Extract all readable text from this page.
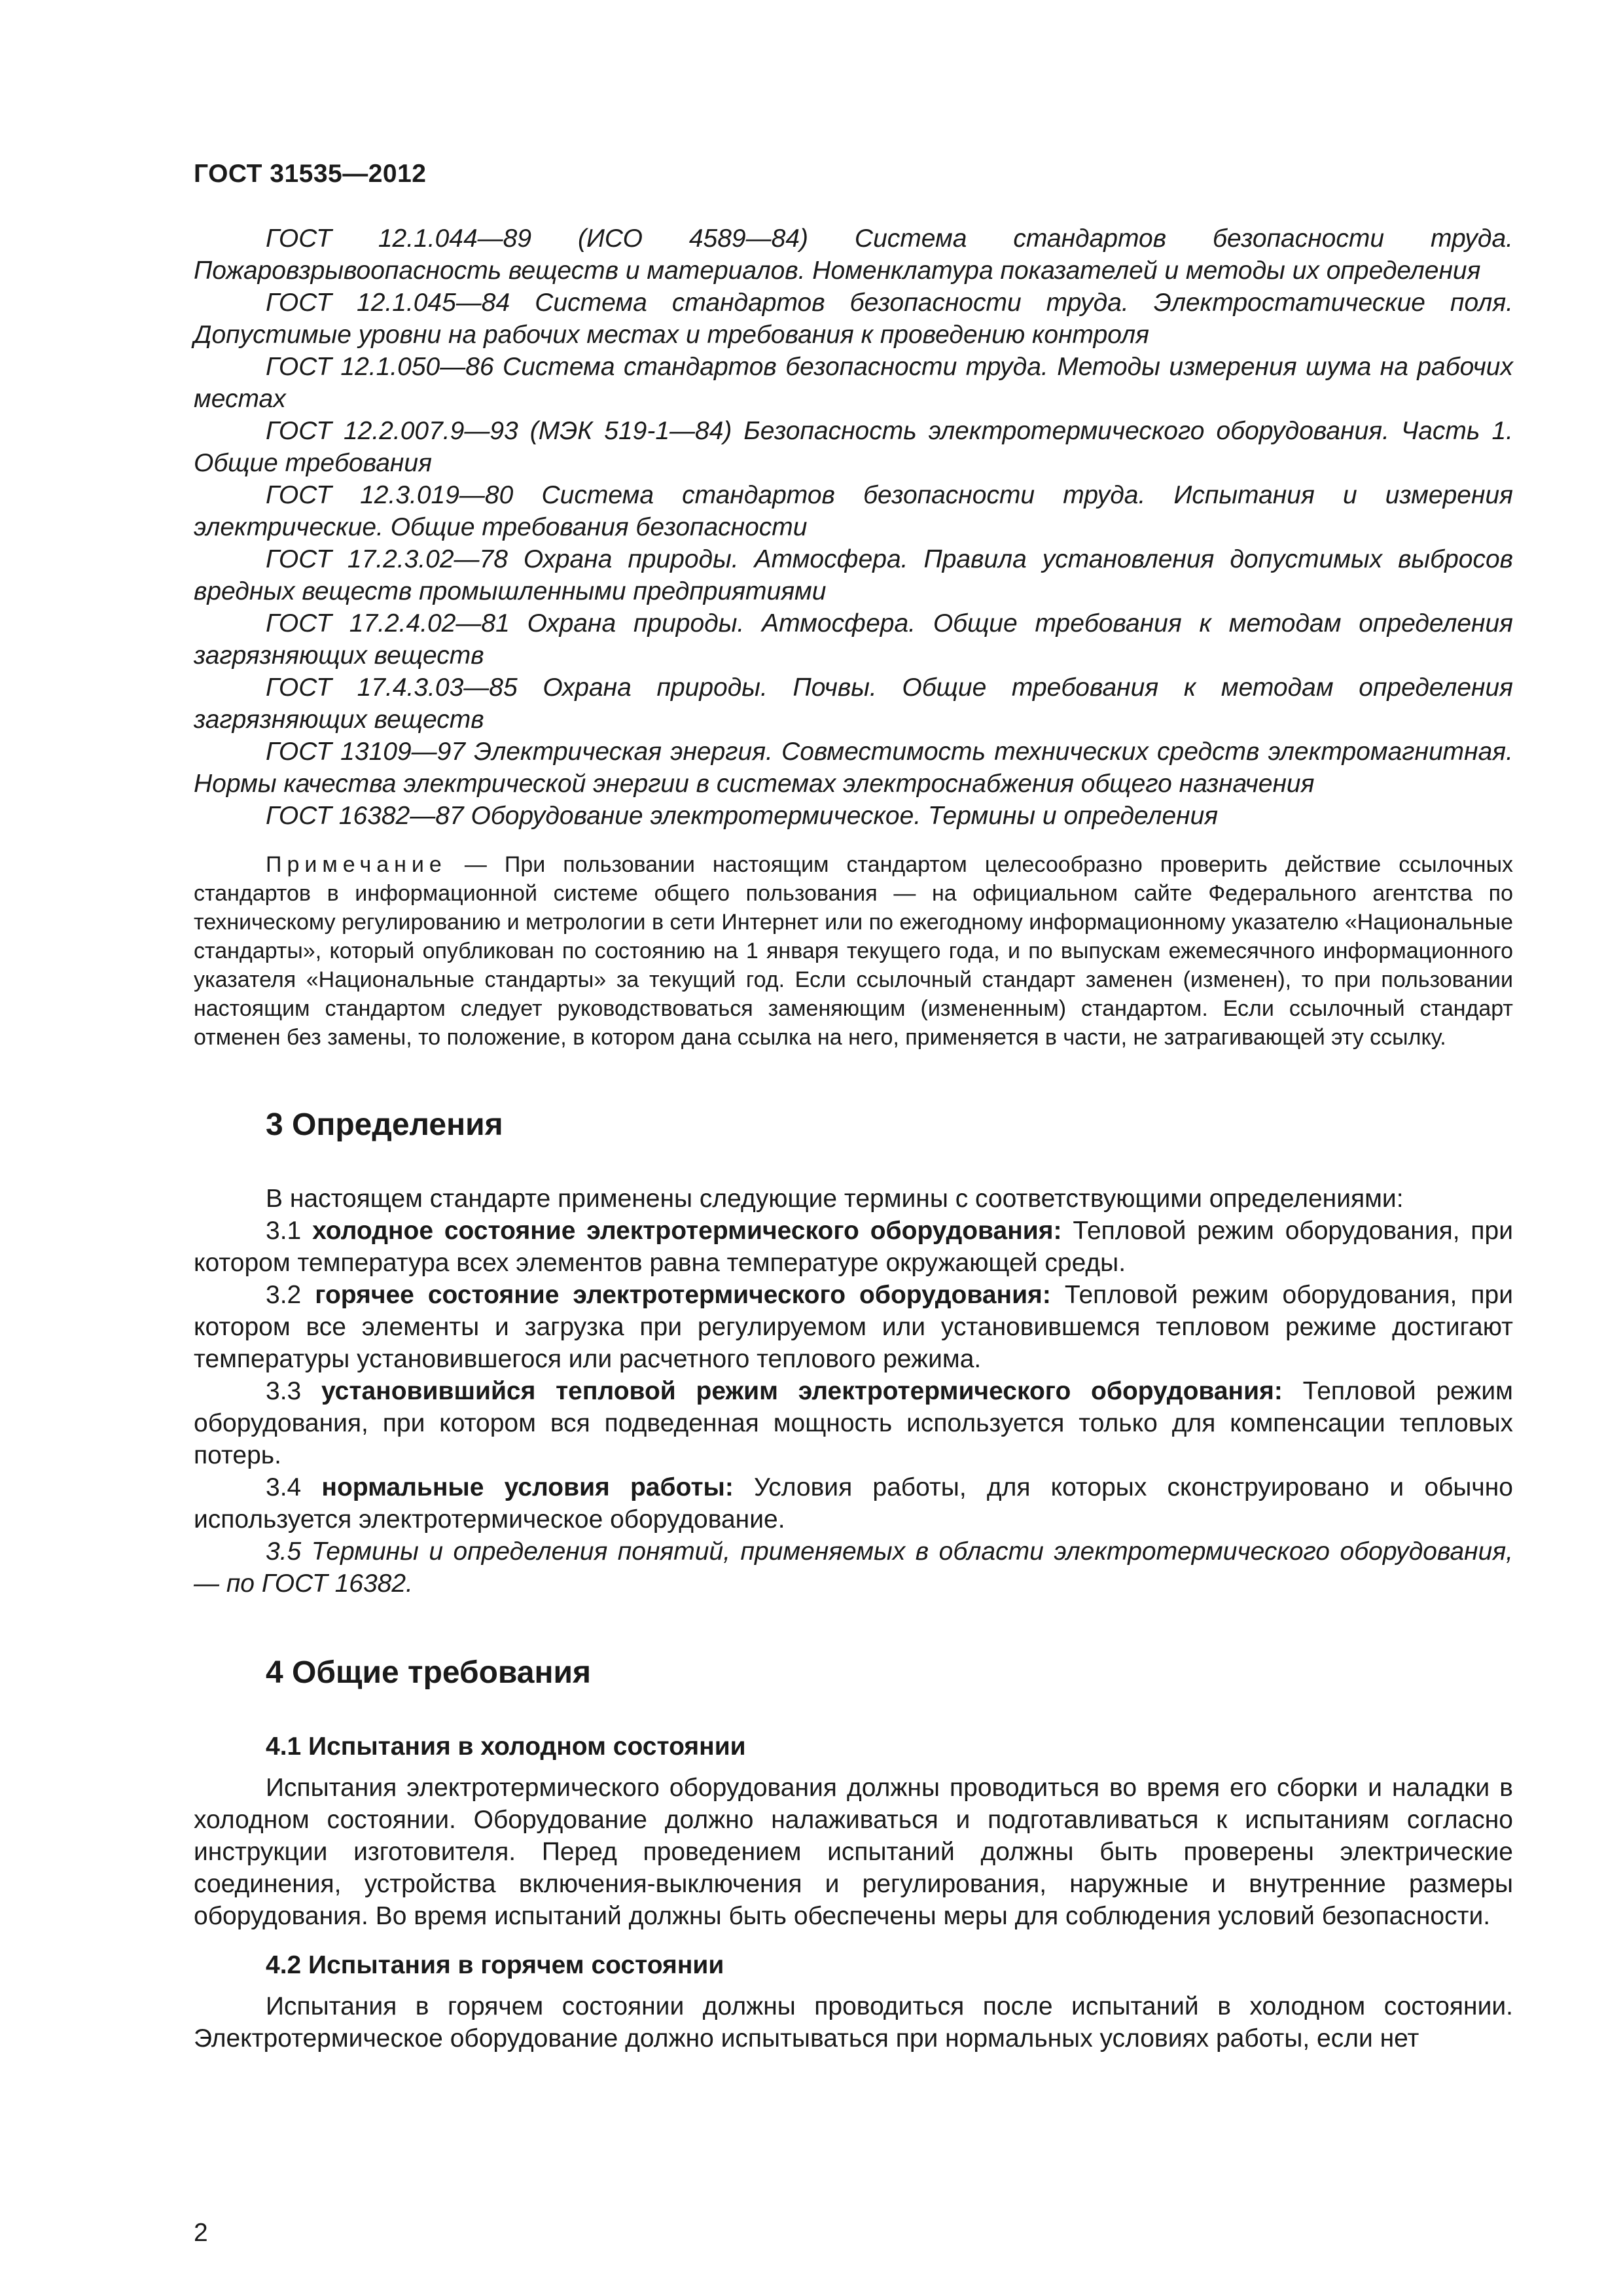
ГОСТ 31535—2012

ГОСТ 12.1.044—89 (ИСО 4589—84) Система стандартов безопасности труда. Пожаровзрывоопасность веществ и материалов. Номенклатура показателей и методы их определения

ГОСТ 12.1.045—84 Система стандартов безопасности труда. Электростатические поля. Допустимые уровни на рабочих местах и требования к проведению контроля

ГОСТ 12.1.050—86 Система стандартов безопасности труда. Методы измерения шума на рабочих местах

ГОСТ 12.2.007.9—93 (МЭК 519-1—84) Безопасность электротермического оборудования. Часть 1. Общие требования

ГОСТ 12.3.019—80 Система стандартов безопасности труда. Испытания и измерения электрические. Общие требования безопасности

ГОСТ 17.2.3.02—78 Охрана природы. Атмосфера. Правила установления допустимых выбросов вредных веществ промышленными предприятиями

ГОСТ 17.2.4.02—81 Охрана природы. Атмосфера. Общие требования к методам определения загрязняющих веществ

ГОСТ 17.4.3.03—85 Охрана природы. Почвы. Общие требования к методам определения загрязняющих веществ

ГОСТ 13109—97 Электрическая энергия. Совместимость технических средств электромагнитная. Нормы качества электрической энергии в системах электроснабжения общего назначения

ГОСТ 16382—87 Оборудование электротермическое. Термины и определения

Примечание — При пользовании настоящим стандартом целесообразно проверить действие ссылочных стандартов в информационной системе общего пользования — на официальном сайте Федерального агентства по техническому регулированию и метрологии в сети Интернет или по ежегодному информационному указателю «Национальные стандарты», который опубликован по состоянию на 1 января текущего года, и по выпускам ежемесячного информационного указателя «Национальные стандарты» за текущий год. Если ссылочный стандарт заменен (изменен), то при пользовании настоящим стандартом следует руководствоваться заменяющим (измененным) стандартом. Если ссылочный стандарт отменен без замены, то положение, в котором дана ссылка на него, применяется в части, не затрагивающей эту ссылку.

3 Определения

В настоящем стандарте применены следующие термины с соответствующими определениями:

3.1 холодное состояние электротермического оборудования: Тепловой режим оборудования, при котором температура всех элементов равна температуре окружающей среды.

3.2 горячее состояние электротермического оборудования: Тепловой режим оборудования, при котором все элементы и загрузка при регулируемом или установившемся тепловом режиме достигают температуры установившегося или расчетного теплового режима.

3.3 установившийся тепловой режим электротермического оборудования: Тепловой режим оборудования, при котором вся подведенная мощность используется только для компенсации тепловых потерь.

3.4 нормальные условия работы: Условия работы, для которых сконструировано и обычно используется электротермическое оборудование.

3.5 Термины и определения понятий, применяемых в области электротермического оборудования, — по ГОСТ 16382.

4 Общие требования
4.1 Испытания в холодном состоянии

Испытания электротермического оборудования должны проводиться во время его сборки и наладки в холодном состоянии. Оборудование должно налаживаться и подготавливаться к испытаниям согласно инструкции изготовителя. Перед проведением испытаний должны быть проверены электрические соединения, устройства включения-выключения и регулирования, наружные и внутренние размеры оборудования. Во время испытаний должны быть обеспечены меры для соблюдения условий безопасности.

4.2 Испытания в горячем состоянии

Испытания в горячем состоянии должны проводиться после испытаний в холодном состоянии. Электротермическое оборудование должно испытываться при нормальных условиях работы, если нет

2
